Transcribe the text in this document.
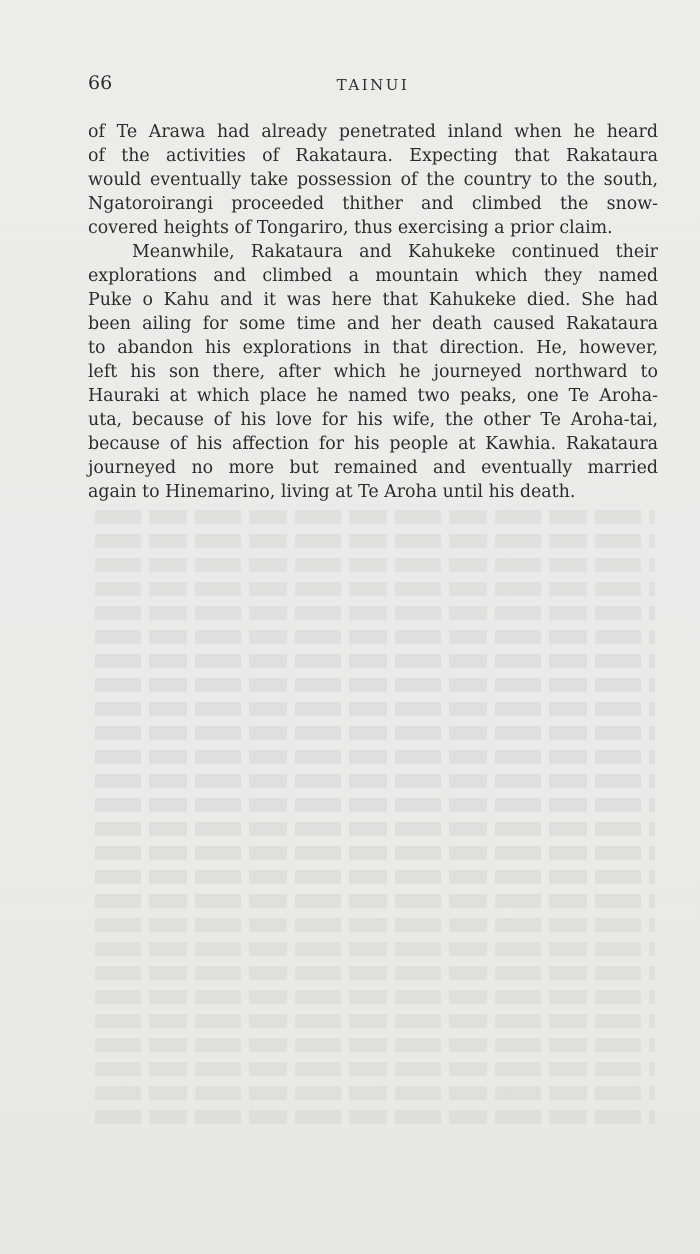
66	TAINUI
of Te Arawa had already penetrated inland when he heard
of the activities of Rakataura. Expecting that Rakataura
would eventually take possession of the country to the south,
Ngatoroirangi proceeded thither and climbed the snow-
covered heights of Tongariro, thus exercising a prior claim.
Meanwhile, Rakataura and Kahukeke continued their
explorations and climbed a mountain which they named
Puke o Kahu and it was here that Kahukeke died. She had
been ailing for some time and her death caused Rakataura
to abandon his explorations in that direction. He, however,
left his son there, after which he journeyed northward to
Hauraki at which place he named two peaks, one Te Aroha-
uta, because of his love for his wife, the other Te Aroha-tai,
because of his affection for his people at Kawhia. Rakataura
journeyed no more but remained and eventually married
again to Hinemarino, living at Te Aroha until his death.
